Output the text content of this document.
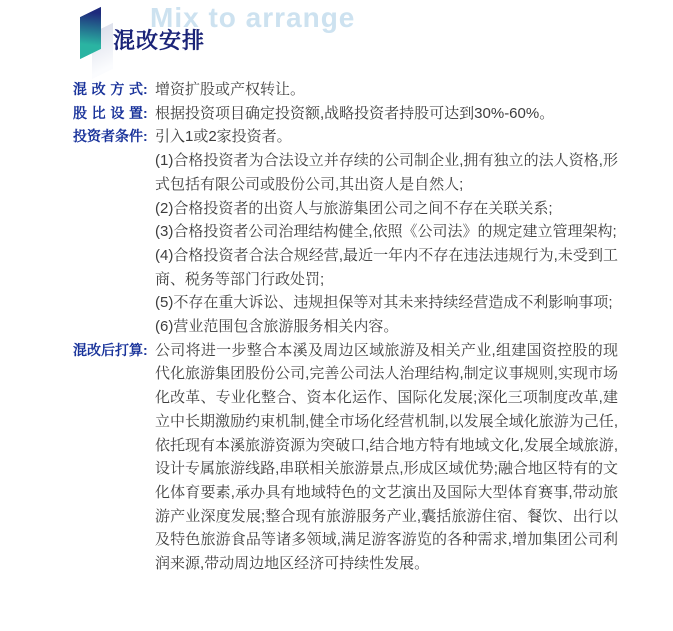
Mix to arrange
混改安排
混改方式: 增资扩股或产权转让。

股比设置: 根据投资项目确定投资额,战略投资者持股可达到30%-60%。

投资者条件: 引入1或2家投资者。

(1)合格投资者为合法设立并存续的公司制企业,拥有独立的法人资格,形式包括有限公司或股份公司,其出资人是自然人;

(2)合格投资者的出资人与旅游集团公司之间不存在关联关系;

(3)合格投资者公司治理结构健全,依照《公司法》的规定建立管理架构;

(4)合格投资者合法合规经营,最近一年内不存在违法违规行为,未受到工商、税务等部门行政处罚;

(5)不存在重大诉讼、违规担保等对其未来持续经营造成不利影响事项;

(6)营业范围包含旅游服务相关内容。

混改后打算: 公司将进一步整合本溪及周边区域旅游及相关产业,组建国资控股的现代化旅游集团股份公司,完善公司法人治理结构,制定议事规则,实现市场化改革、专业化整合、资本化运作、国际化发展;深化三项制度改革,建立中长期激励约束机制,健全市场化经营机制,以发展全域化旅游为己任,依托现有本溪旅游资源为突破口,结合地方特有地域文化,发展全域旅游,设计专属旅游线路,串联相关旅游景点,形成区域优势;融合地区特有的文化体育要素,承办具有地域特色的文艺演出及国际大型体育赛事,带动旅游产业深度发展;整合现有旅游服务产业,囊括旅游住宿、餐饮、出行以及特色旅游食品等诸多领域,满足游客游览的各种需求,增加集团公司利润来源,带动周边地区经济可持续性发展。
